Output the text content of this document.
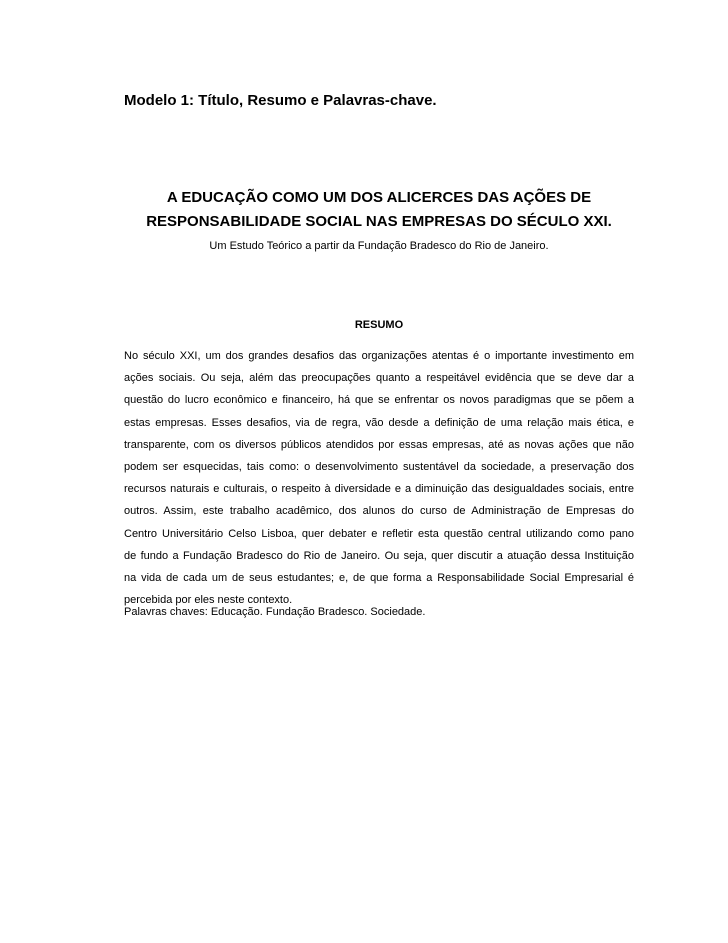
Modelo 1: Título, Resumo e Palavras-chave.
A EDUCAÇÃO COMO UM DOS ALICERCES DAS AÇÕES DE
RESPONSABILIDADE SOCIAL NAS EMPRESAS DO SÉCULO XXI.
Um Estudo Teórico a partir da Fundação Bradesco do Rio de Janeiro.
RESUMO
No século XXI, um dos grandes desafios das organizações atentas é o importante investimento em
ações sociais. Ou seja, além das preocupações quanto a respeitável evidência que se deve dar a
questão do lucro econômico e financeiro, há que se enfrentar os novos paradigmas que se põem a
estas empresas. Esses desafios, via de regra, vão desde a definição de uma relação mais ética, e
transparente, com os diversos públicos atendidos por essas empresas, até as novas ações que não
podem ser esquecidas, tais como: o desenvolvimento sustentável da sociedade, a preservação dos
recursos naturais e culturais, o respeito à diversidade e a diminuição das desigualdades sociais, entre
outros. Assim, este trabalho acadêmico, dos alunos do curso de Administração de Empresas do
Centro Universitário Celso Lisboa, quer debater e refletir esta questão central utilizando como pano
de fundo a Fundação Bradesco do Rio de Janeiro. Ou seja, quer discutir a atuação dessa Instituição
na vida de cada um de seus estudantes; e, de que forma a Responsabilidade Social Empresarial é
percebida por eles neste contexto.
Palavras chaves: Educação. Fundação Bradesco. Sociedade.
